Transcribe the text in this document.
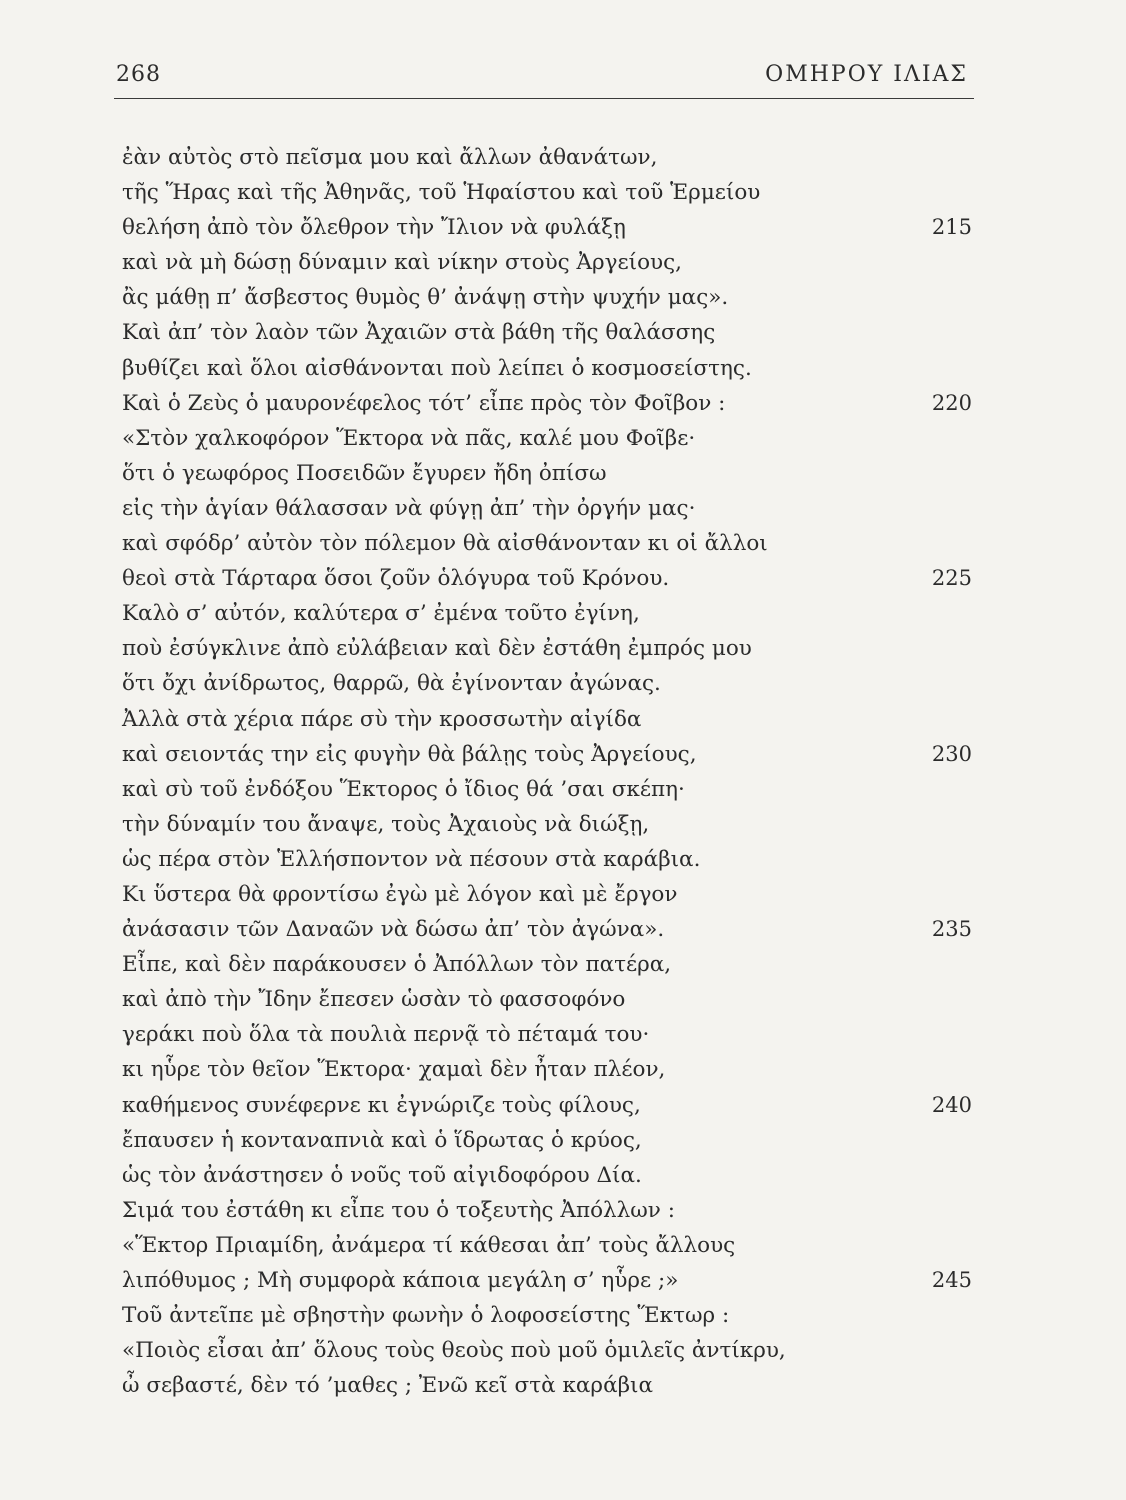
268	ΟΜΗΡΟΥ ΙΛΙΑΣ
ἐὰν αὐτὸς στὸ πεῖσμα μου καὶ ἄλλων ἀθανάτων,
τῆς Ἥρας καὶ τῆς Ἀθηνᾶς, τοῦ Ἡφαίστου καὶ τοῦ Ἑρμείου
θελήση ἀπὸ τὸν ὄλεθρον τὴν Ἴλιον νὰ φυλάξῃ	215
καὶ νὰ μὴ δώσῃ δύναμιν καὶ νίκην στοὺς Ἀργείους,
ἂς μάθῃ π’ ἄσβεστος θυμὸς θ’ ἀνάψῃ στὴν ψυχήν μας».
Καὶ ἀπ’ τὸν λαὸν τῶν Ἀχαιῶν στὰ βάθη τῆς θαλάσσης
βυθίζει καὶ ὅλοι αἰσθάνονται ποὺ λείπει ὁ κοσμοσείστης.
Καὶ ὁ Ζεὺς ὁ μαυρονέφελος τότ’ εἶπε πρὸς τὸν Φοῖβον :	220
«Στὸν χαλκοφόρον Ἕκτορα νὰ πᾶς, καλέ μου Φοῖβε·
ὅτι ὁ γεωφόρος Ποσειδῶν ἔγυρεν ἤδη ὀπίσω
εἰς τὴν ἁγίαν θάλασσαν νὰ φύγῃ ἀπ’ τὴν ὀργήν μας·
καὶ σφόδρ’ αὐτὸν τὸν πόλεμον θὰ αἰσθάνονταν κι οἱ ἄλλοι
θεοὶ στὰ Τάρταρα ὅσοι ζοῦν ὁλόγυρα τοῦ Κρόνου.	225
Καλὸ σ’ αὐτόν, καλύτερα σ’ ἐμένα τοῦτο ἐγίνη,
ποὺ ἐσύγκλινε ἀπὸ εὐλάβειαν καὶ δὲν ἐστάθη ἐμπρός μου
ὅτι ὄχι ἀνίδρωτος, θαρρῶ, θὰ ἐγίνονταν ἀγώνας.
Ἀλλὰ στὰ χέρια πάρε σὺ τὴν κροσσωτὴν αἰγίδα
καὶ σειοντάς την εἰς φυγὴν θὰ βάλῃς τοὺς Ἀργείους,	230
καὶ σὺ τοῦ ἐνδόξου Ἕκτορος ὁ ἴδιος θά ’σαι σκέπη·
τὴν δύναμίν του ἄναψε, τοὺς Ἀχαιοὺς νὰ διώξῃ,
ὡς πέρα στὸν Ἑλλήσποντον νὰ πέσουν στὰ καράβια.
Κι ὕστερα θὰ φροντίσω ἐγὼ μὲ λόγον καὶ μὲ ἔργον
ἀνάσασιν τῶν Δαναῶν νὰ δώσω ἀπ’ τὸν ἀγώνα».	235
Εἶπε, καὶ δὲν παράκουσεν ὁ Ἀπόλλων τὸν πατέρα,
καὶ ἀπὸ τὴν Ἴδην ἔπεσεν ὡσὰν τὸ φασσοφόνο
γεράκι ποὺ ὅλα τὰ πουλιὰ περνᾷ τὸ πέταμά του·
κι ηὗρε τὸν θεῖον Ἕκτορα· χαμαὶ δὲν ἦταν πλέον,
καθήμενος συνέφερνε κι ἐγνώριζε τοὺς φίλους,	240
ἔπαυσεν ἡ κονταναπνιὰ καὶ ὁ ἵδρωτας ὁ κρύος,
ὡς τὸν ἀνάστησεν ὁ νοῦς τοῦ αἰγιδοφόρου Δία.
Σιμά του ἐστάθη κι εἶπε του ὁ τοξευτὴς Ἀπόλλων :
«Ἕκτορ Πριαμίδη, ἀνάμερα τί κάθεσαι ἀπ’ τοὺς ἄλλους
λιπόθυμος ; Μὴ συμφορὰ κάποια μεγάλη σ’ ηὗρε ;»	245
Τοῦ ἀντεῖπε μὲ σβηστὴν φωνὴν ὁ λοφοσείστης Ἕκτωρ :
«Ποιὸς εἶσαι ἀπ’ ὅλους τοὺς θεοὺς ποὺ μοῦ ὁμιλεῖς ἀντίκρυ,
ὦ σεβαστέ, δὲν τό ’μαθες ; Ἐνῶ κεῖ στὰ καράβια
